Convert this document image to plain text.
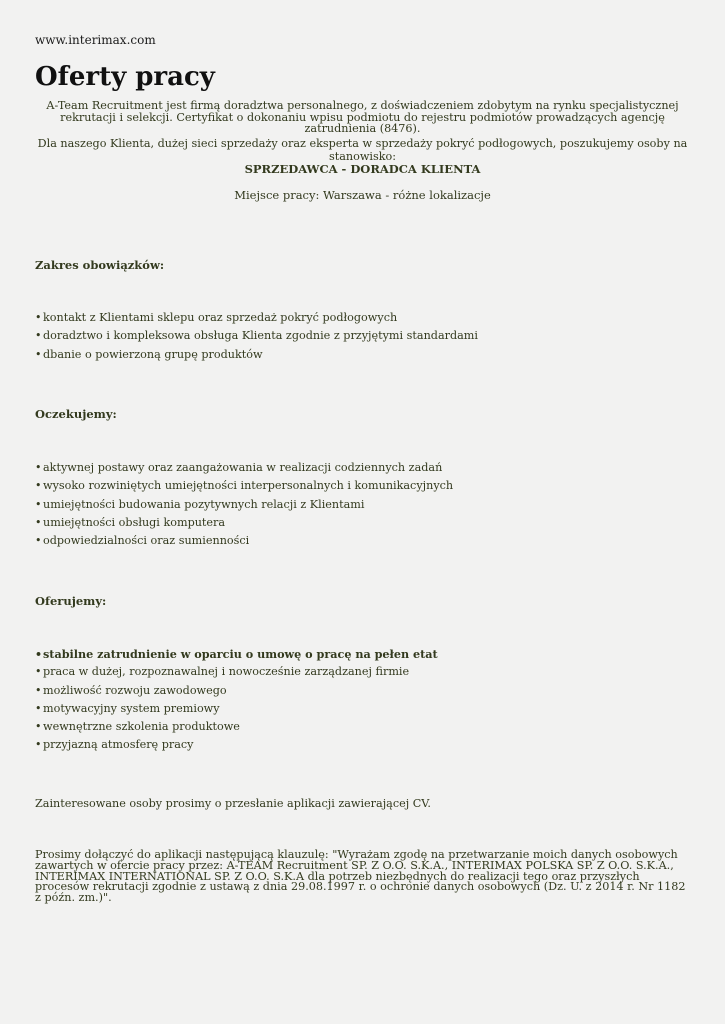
www.interimax.com

Oferty pracy

A-Team Recruitment jest firmą doradztwa personalnego, z doświadczeniem zdobytym na rynku specjalistycznej rekrutacji i selekcji. Certyfikat o dokonaniu wpisu podmiotu do rejestru podmiotów prowadzących agencję zatrudnienia (8476).

Dla naszego Klienta, dużej sieci sprzedaży oraz eksperta w sprzedaży pokryć podłogowych, poszukujemy osoby na stanowisko:

SPRZEDAWCA - DORADCA KLIENTA

Miejsce pracy: Warszawa - różne lokalizacje

Zakres obowiązków:

• kontakt z Klientami sklepu oraz sprzedaż pokryć podłogowych
• doradztwo i kompleksowa obsługa Klienta zgodnie z przyjętymi standardami
• dbanie o powierzoną grupę produktów

Oczekujemy:

• aktywnej postawy oraz zaangażowania w realizacji codziennych zadań
• wysoko rozwiniętych umiejętności interpersonalnych i komunikacyjnych
• umiejętności budowania pozytywnych relacji z Klientami
• umiejętności obsługi komputera
• odpowiedzialności oraz sumienności

Oferujemy:

•stabilne zatrudnienie w oparciu o umowę o pracę na pełen etat
• praca w dużej, rozpoznawalnej i nowocześnie zarządzanej firmie
• możliwość rozwoju zawodowego
• motywacyjny system premiowy
• wewnętrzne szkolenia produktowe
• przyjazną atmosferę pracy

Zainteresowane osoby prosimy o przesłanie aplikacji zawierającej CV.

Prosimy dołączyć do aplikacji następującą klauzulę: "Wyrażam zgodę na przetwarzanie moich danych osobowych zawartych w ofercie pracy przez: A-TEAM Recruitment SP. Z O.O. S.K.A., INTERIMAX POLSKA SP. Z O.O. S.K.A., INTERIMAX INTERNATIONAL SP. Z O.O. S.K.A dla potrzeb niezbędnych do realizacji tego oraz przyszłych procesów rekrutacji zgodnie z ustawą z dnia 29.08.1997 r. o ochronie danych osobowych (Dz. U. z 2014 r. Nr 1182 z późn. zm.)".
